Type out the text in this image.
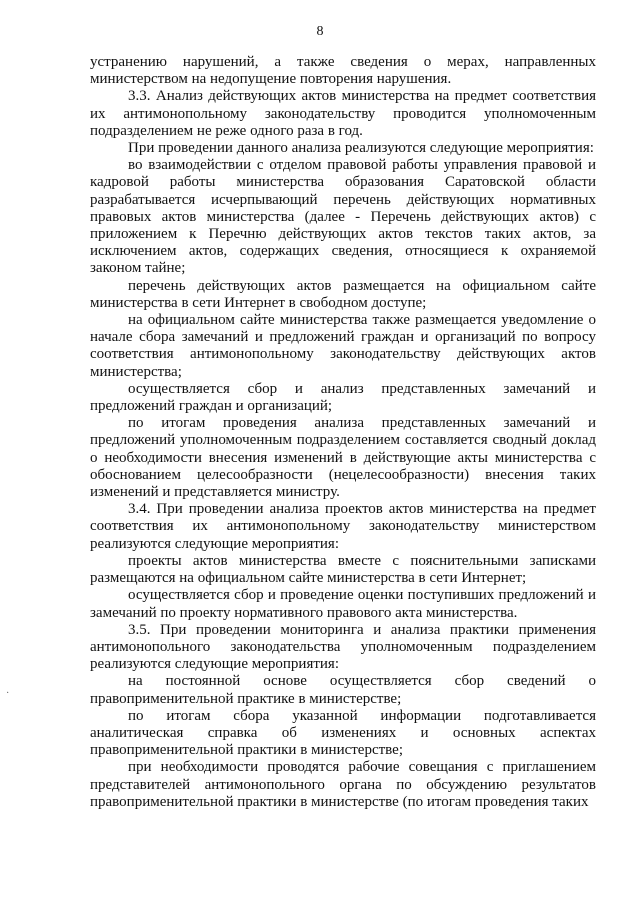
8

устранению нарушений, а также сведения о мерах, направленных министерством на недопущение повторения нарушения.

3.3. Анализ действующих актов министерства на предмет соответствия их антимонопольному законодательству проводится уполномоченным подразделением не реже одного раза в год.

При проведении данного анализа реализуются следующие мероприятия:

во взаимодействии с отделом правовой работы управления правовой и кадровой работы министерства образования Саратовской области разрабатывается исчерпывающий перечень действующих нормативных правовых актов министерства (далее - Перечень действующих актов) с приложением к Перечню действующих актов текстов таких актов, за исключением актов, содержащих сведения, относящиеся к охраняемой законом тайне;

перечень действующих актов размещается на официальном сайте министерства в сети Интернет в свободном доступе;

на официальном сайте министерства также размещается уведомление о начале сбора замечаний и предложений граждан и организаций по вопросу соответствия антимонопольному законодательству действующих актов министерства;

осуществляется сбор и анализ представленных замечаний и предложений граждан и организаций;

по итогам проведения анализа представленных замечаний и предложений уполномоченным подразделением составляется сводный доклад о необходимости внесения изменений в действующие акты министерства с обоснованием целесообразности (нецелесообразности) внесения таких изменений и представляется министру.

3.4. При проведении анализа проектов актов министерства на предмет соответствия их антимонопольному законодательству министерством реализуются следующие мероприятия:

проекты актов министерства вместе с пояснительными записками размещаются на официальном сайте министерства в сети Интернет;

осуществляется сбор и проведение оценки поступивших предложений и замечаний по проекту нормативного правового акта министерства.

3.5. При проведении мониторинга и анализа практики применения антимонопольного законодательства уполномоченным подразделением реализуются следующие мероприятия:

на постоянной основе осуществляется сбор сведений о правоприменительной практике в министерстве;

по итогам сбора указанной информации подготавливается аналитическая справка об изменениях и основных аспектах правоприменительной практики в министерстве;

при необходимости проводятся рабочие совещания с приглашением представителей антимонопольного органа по обсуждению результатов правоприменительной практики в министерстве (по итогам проведения таких

·
